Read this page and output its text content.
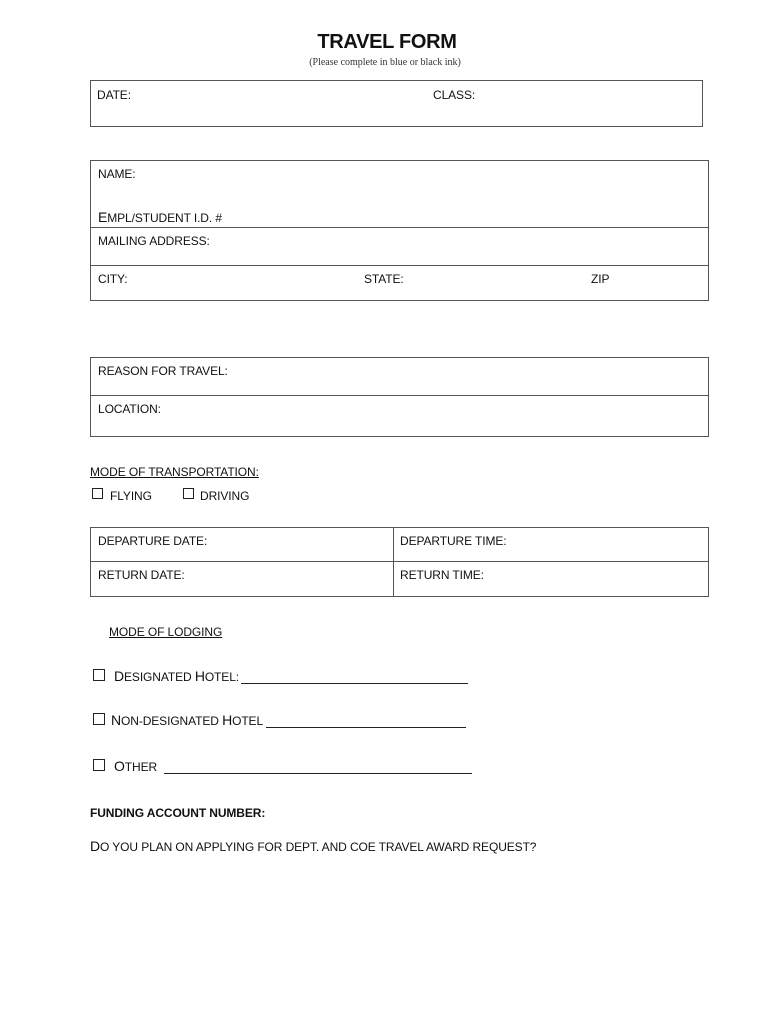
TRAVEL FORM
(Please complete in blue or black ink)
DATE:	CLASS:
NAME:
EMPL/STUDENT I.D. #
MAILING ADDRESS:
CITY:	STATE:	ZIP
REASON FOR TRAVEL:
LOCATION:
MODE OF TRANSPORTATION:
FLYING	DRIVING
DEPARTURE DATE:	DEPARTURE TIME:
RETURN DATE:	RETURN TIME:
MODE OF LODGING
DESIGNATED HOTEL:
NON-DESIGNATED HOTEL
OTHER
FUNDING ACCOUNT NUMBER:
DO YOU PLAN ON APPLYING FOR DEPT. AND COE TRAVEL AWARD REQUEST?
